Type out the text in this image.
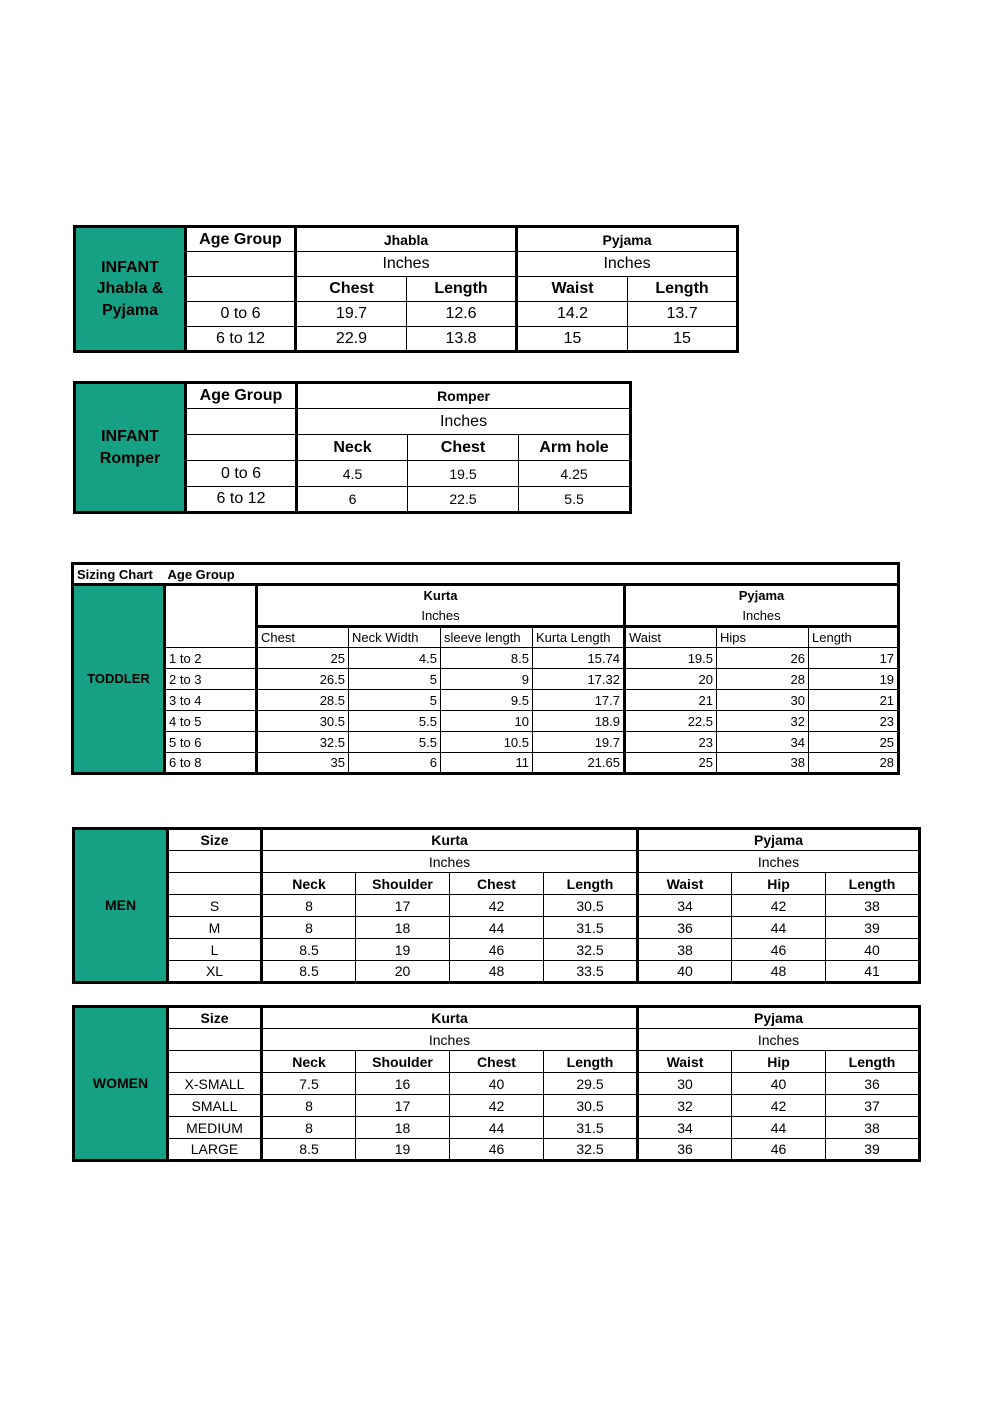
INFANT
Jhabla &
Pyjama	Age Group	Jhabla		Pyjama	
		Inches		Inches	
		Chest	Length	Waist	Length
	0 to 6	19.7	12.6	14.2	13.7
	6 to 12	22.9	13.8	15	15
INFANT
Romper	Age Group	Romper		
		Inches		
		Neck	Chest	Arm hole
	0 to 6	4.5	19.5	4.25
	6 to 12	6	22.5	5.5
Sizing Chart	Age Group							
TODDLER		Kurta				Pyjama		
		Inches				Inches		
		Chest	Neck Width	sleeve length	Kurta Length	Waist	Hips	Length
	1 to 2	25	4.5	8.5	15.74	19.5	26	17
	2 to 3	26.5	5	9	17.32	20	28	19
	3 to 4	28.5	5	9.5	17.7	21	30	21
	4 to 5	30.5	5.5	10	18.9	22.5	32	23
	5 to 6	32.5	5.5	10.5	19.7	23	34	25
	6 to 8	35	6	11	21.65	25	38	28
MEN	Size	Kurta				Pyjama		
		Inches				Inches		
		Neck	Shoulder	Chest	Length	Waist	Hip	Length
	S	8	17	42	30.5	34	42	38
	M	8	18	44	31.5	36	44	39
	L	8.5	19	46	32.5	38	46	40
	XL	8.5	20	48	33.5	40	48	41
WOMEN	Size	Kurta				Pyjama		
		Inches				Inches		
		Neck	Shoulder	Chest	Length	Waist	Hip	Length
	X-SMALL	7.5	16	40	29.5	30	40	36
	SMALL	8	17	42	30.5	32	42	37
	MEDIUM	8	18	44	31.5	34	44	38
	LARGE	8.5	19	46	32.5	36	46	39
